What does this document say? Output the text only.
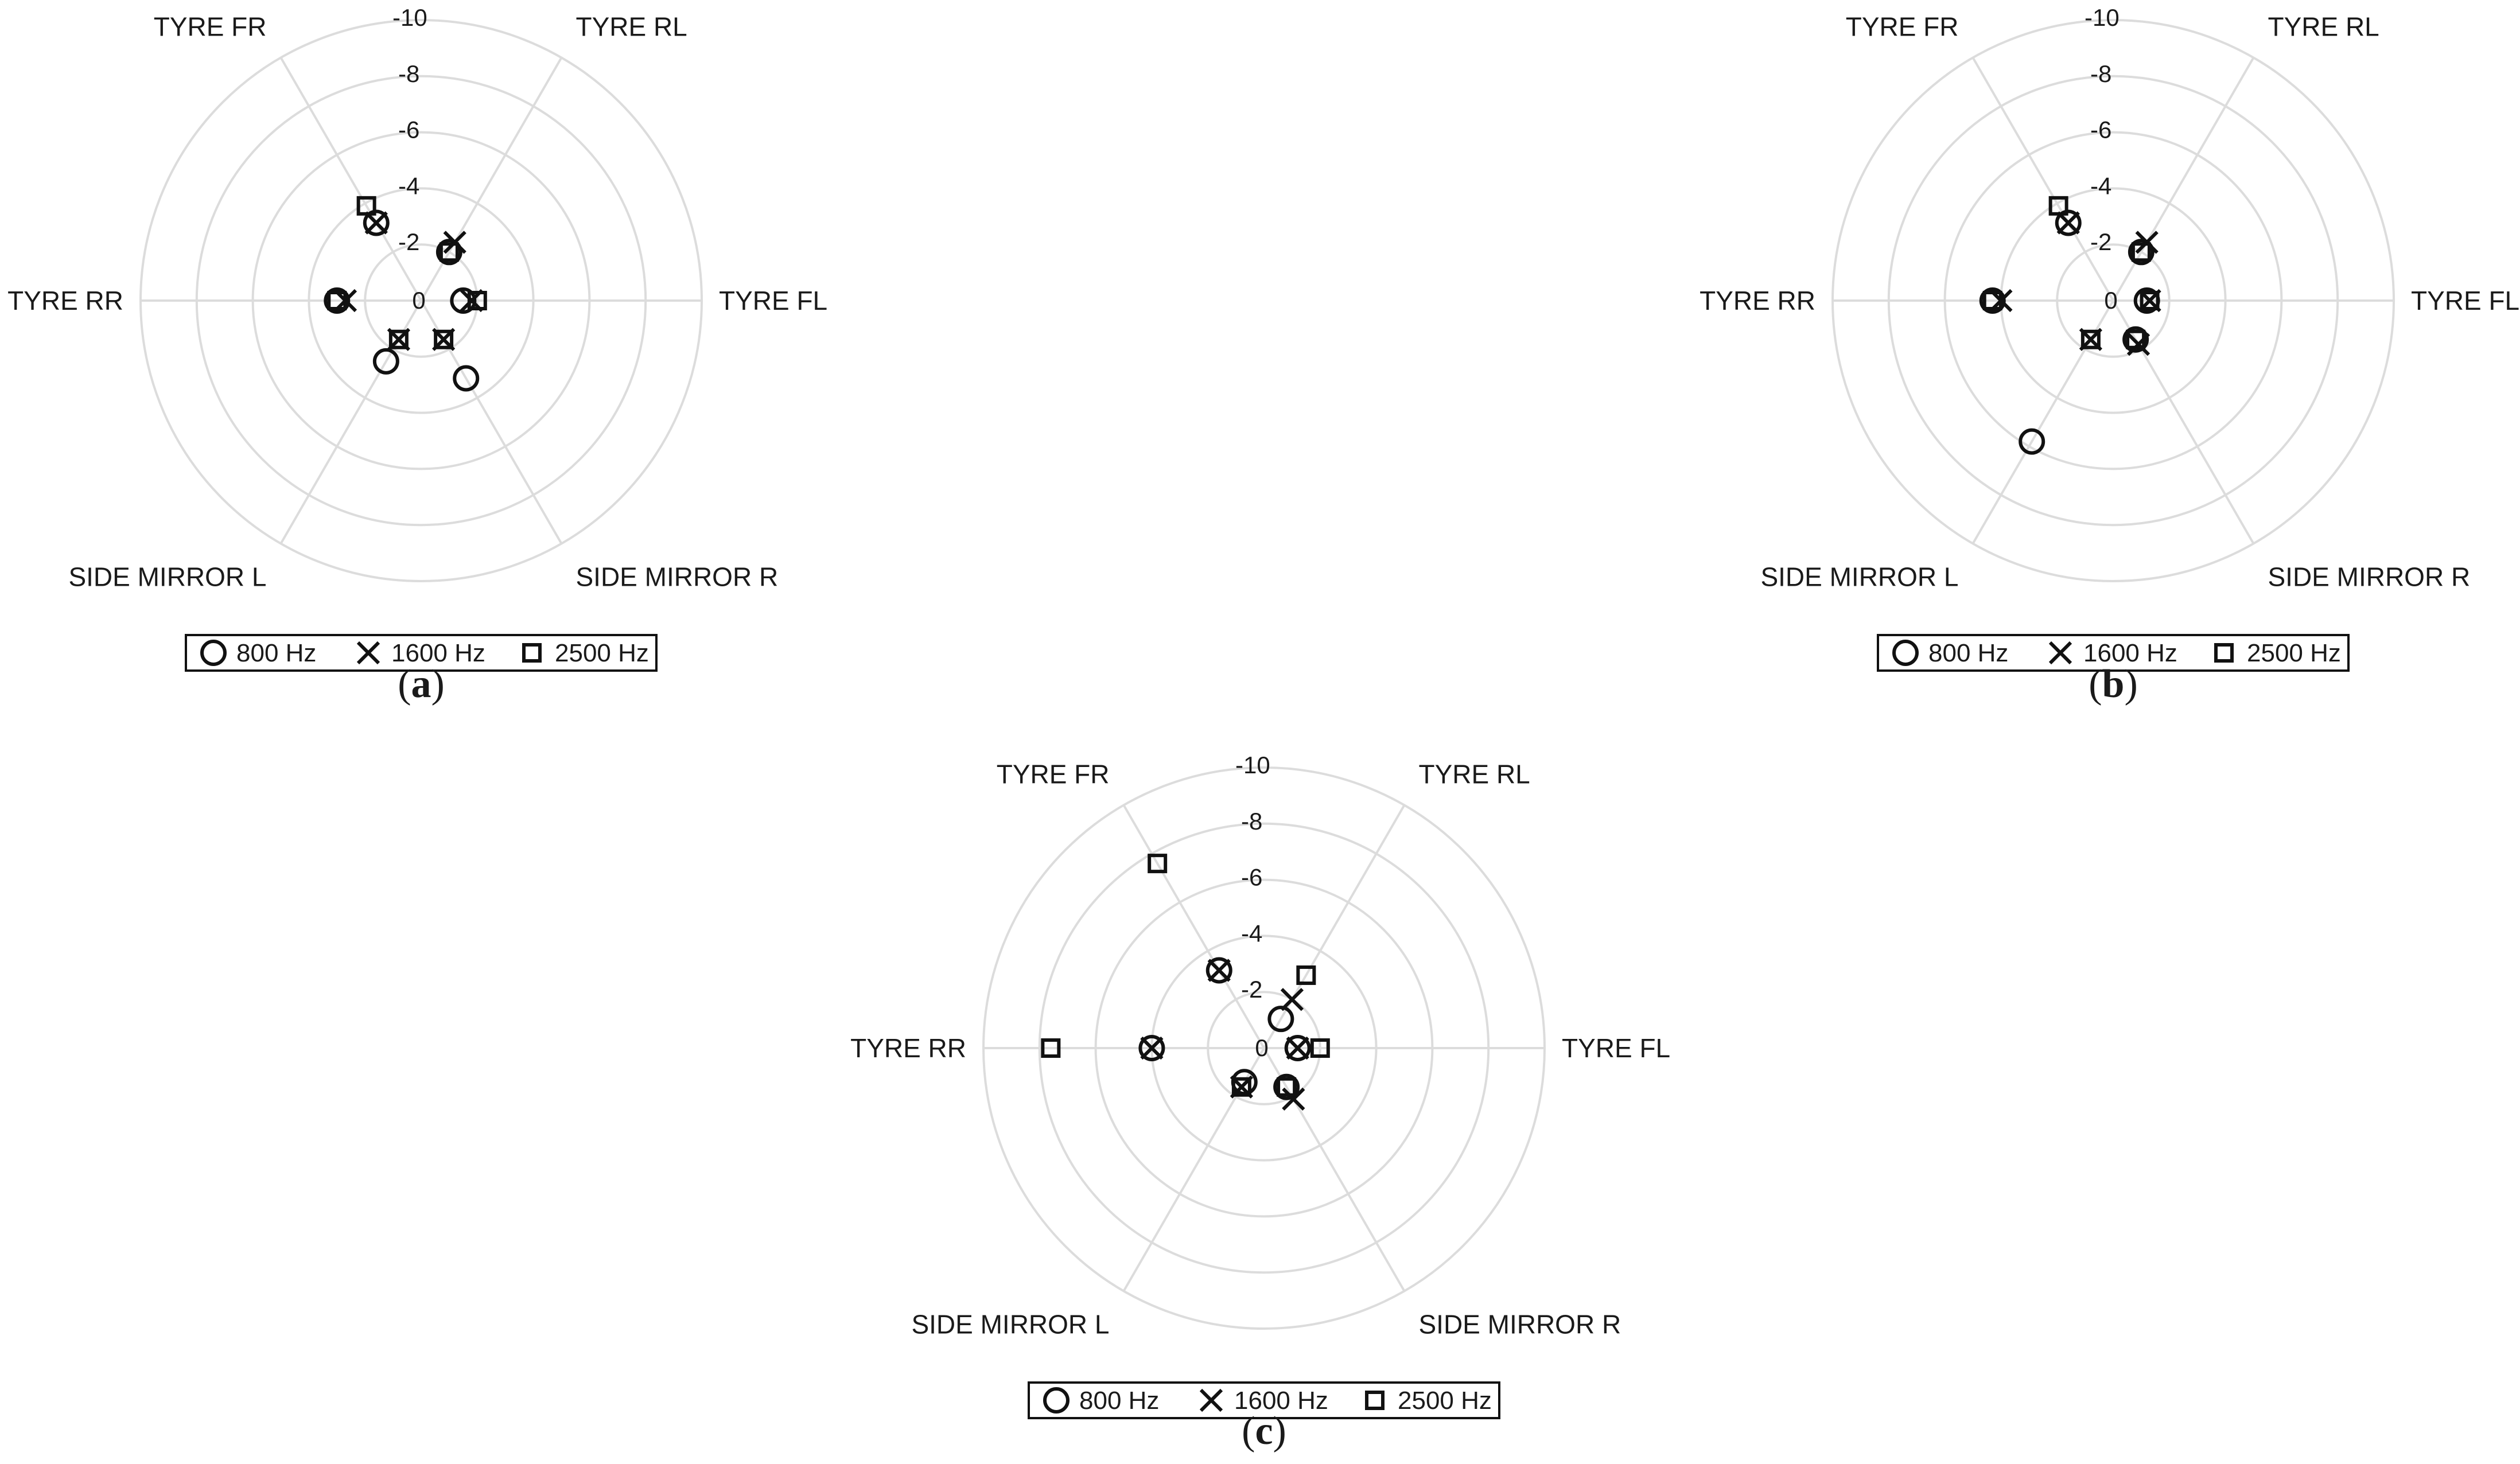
TYRE FL
TYRE RL
TYRE FR
TYRE RR
SIDE MIRROR L	SIDE MIRROR R
0
-2
-4
-6
-8
-10
800 Hz	1600 Hz	2500 Hz
(a)
TYRE FL
TYRE RL
TYRE FR
TYRE RR
SIDE MIRROR L	SIDE MIRROR R
0
-2
-4
-6
-8
-10
800 Hz	1600 Hz	2500 Hz
(b)
TYRE FL
TYRE RL
TYRE FR
TYRE RR
SIDE MIRROR L	SIDE MIRROR R
0
-2
-4
-6
-8
-10
800 Hz	1600 Hz	2500 Hz
(c)
